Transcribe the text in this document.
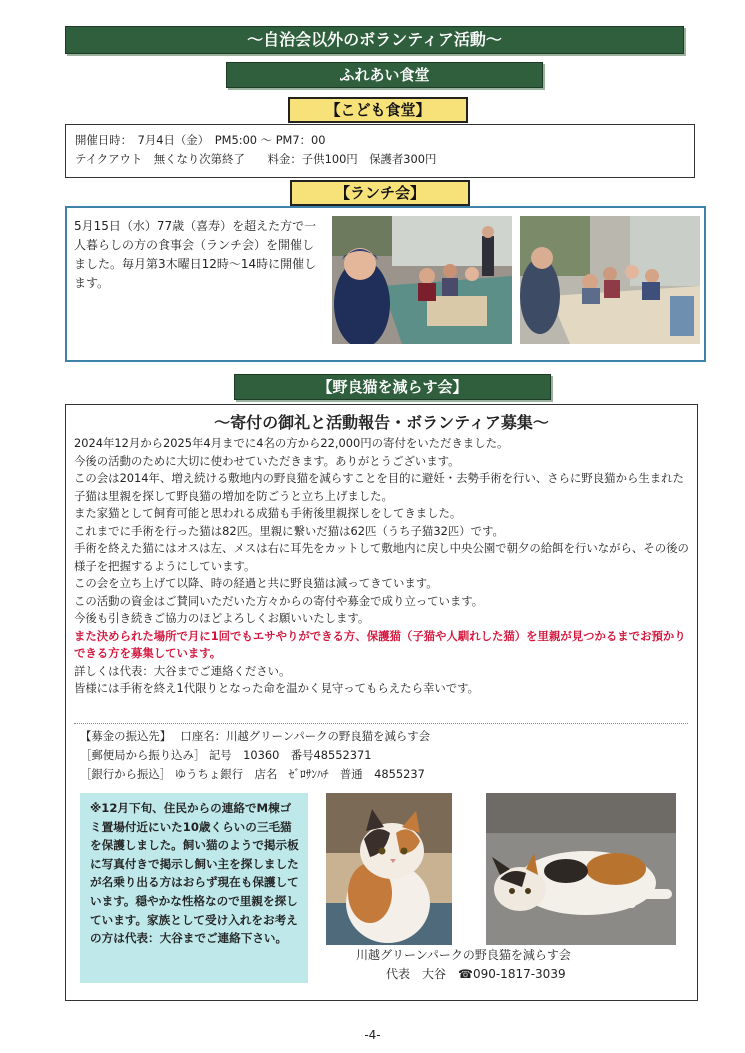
～自治会以外のボランティア活動～
ふれあい食堂
【こども食堂】
開催日時：　7月4日（金）　PM5:00 ～ PM7：00
テイクアウト　無くなり次第終了　　料金：子供100円　保護者300円
【ランチ会】
5月15日（水）77歳（喜寿）を超えた方で一人暮らしの方の食事会（ランチ会）を開催しました。毎月第3木曜日12時～14時に開催します。
【野良猫を減らす会】
～寄付の御礼と活動報告・ボランティア募集～
2024年12月から2025年4月までに4名の方から22,000円の寄付をいただきました。
今後の活動のために大切に使わせていただきます。ありがとうございます。
この会は2014年、増え続ける敷地内の野良猫を減らすことを目的に避妊・去勢手術を行い、さらに野良猫から生まれた子猫は里親を探して野良猫の増加を防ごうと立ち上げました。
また家猫として飼育可能と思われる成猫も手術後里親探しをしてきました。
これまでに手術を行った猫は82匹。里親に繋いだ猫は62匹（うち子猫32匹）です。
手術を終えた猫にはオスは左、メスは右に耳先をカットして敷地内に戻し中央公園で朝夕の給餌を行いながら、その後の様子を把握するようにしています。
この会を立ち上げて以降、時の経過と共に野良猫は減ってきています。
この活動の資金はご賛同いただいた方々からの寄付や募金で成り立っています。
今後も引き続きご協力のほどよろしくお願いいたします。
また決められた場所で月に1回でもエサやりができる方、保護猫（子猫や人馴れした猫）を里親が見つかるまでお預かりできる方を募集しています。
詳しくは代表：大谷までご連絡ください。
皆様には手術を終え1代限りとなった命を温かく見守ってもらえたら幸いです。
【募金の振込先】　 口座名：川越グリーンパークの野良猫を減らす会
［郵便局から振り込み］ 記号　10360　番号48552371
［銀行から振込］ ゆうちょ銀行　店名　ｾﾞﾛｻﾝﾊﾁ　普通　4855237
※12月下旬、住民からの連絡でM棟ゴミ置場付近にいた10歳くらいの三毛猫を保護しました。飼い猫のようで掲示板に写真付きで掲示し飼い主を探しましたが名乗り出る方はおらず現在も保護しています。穏やかな性格なので里親を探しています。家族として受け入れをお考えの方は代表：大谷までご連絡下さい。
川越グリーンパークの野良猫を減らす会
代表　大谷　☎090-1817-3039
-4-
